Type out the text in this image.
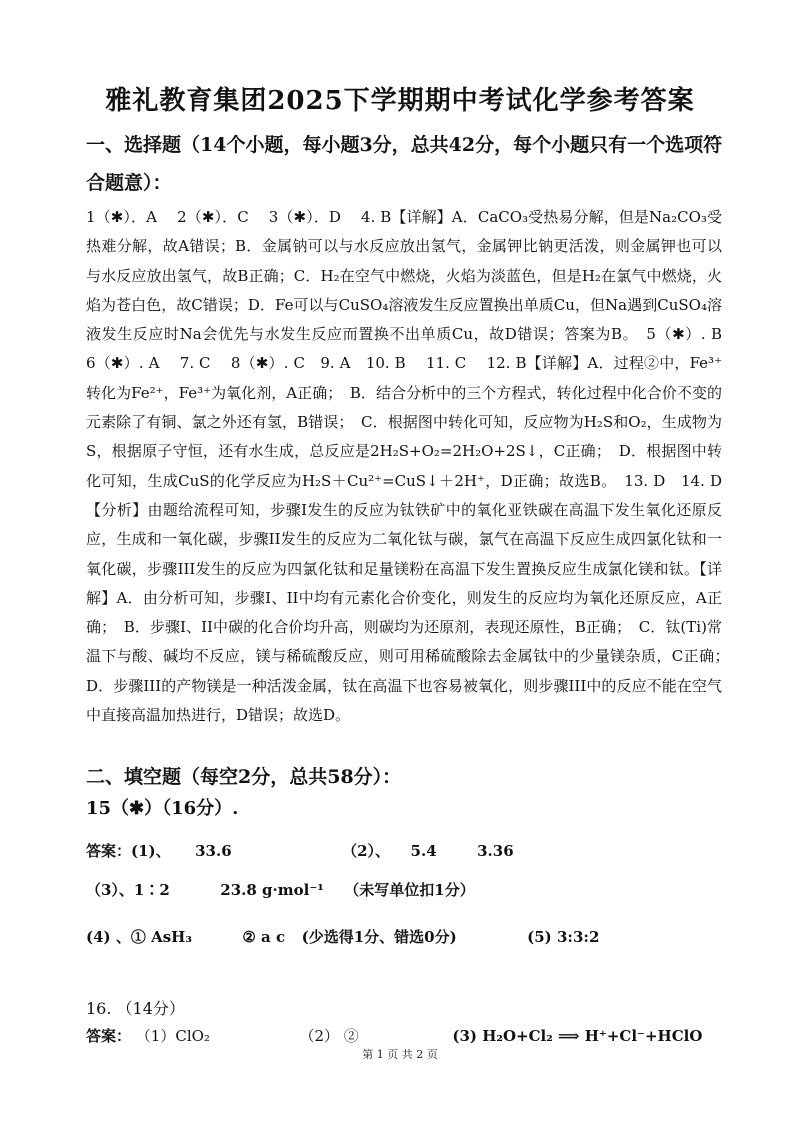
雅礼教育集团2025下学期期中考试化学参考答案
一、选择题（14个小题，每小题3分，总共42分，每个小题只有一个选项符合题意）：
1（✱）．A　 2（✱）．C　 3（✱）．D　 4. B【详解】A．CaCO₃受热易分解，但是Na₂CO₃受热难分解，故A错误；B．金属钠可以与水反应放出氢气，金属钾比钠更活泼，则金属钾也可以与水反应放出氢气，故B正确；C．H₂在空气中燃烧，火焰为淡蓝色，但是H₂在氯气中燃烧，火焰为苍白色，故C错误；D．Fe可以与CuSO₄溶液发生反应置换出单质Cu，但Na遇到CuSO₄溶液发生反应时Na会优先与水发生反应而置换不出单质Cu，故D错误；答案为B。　5（✱）. B　 6（✱）. A　 7. C　 8（✱）. C　9. A　10. B　 11. C　 12. B【详解】A．过程②中，Fe³⁺转化为Fe²⁺，Fe³⁺为氧化剂，A正确；　B．结合分析中的三个方程式，转化过程中化合价不变的元素除了有铜、氯之外还有氢，B错误；　C．根据图中转化可知，反应物为H₂S和O₂，生成物为S，根据原子守恒，还有水生成，总反应是2H₂S+O₂=2H₂O+2S↓，C正确；　D．根据图中转化可知，生成CuS的化学反应为H₂S＋Cu²⁺=CuS↓＋2H⁺，D正确；故选B。　13. D　14. D【分析】由题给流程可知，步骤I发生的反应为钛铁矿中的氧化亚铁碳在高温下发生氧化还原反应，生成和一氧化碳，步骤II发生的反应为二氧化钛与碳，氯气在高温下反应生成四氯化钛和一氧化碳，步骤III发生的反应为四氯化钛和足量镁粉在高温下发生置换反应生成氯化镁和钛。【详解】A．由分析可知，步骤I、II中均有元素化合价变化，则发生的反应均为氧化还原反应，A正确；　B．步骤I、II中碳的化合价均升高，则碳均为还原剂，表现还原性，B正确；　C．钛(Ti)常温下与酸、碱均不反应，镁与稀硫酸反应，则可用稀硫酸除去金属钛中的少量镁杂质，C正确；　D．步骤III的产物镁是一种活泼金属，钛在高温下也容易被氧化，则步骤III中的反应不能在空气中直接高温加热进行，D错误；故选D。
二、填空题（每空2分，总共58分）：
15（✱）（16分）.
答案：(1)、 33.6	（2）、 5.4	3.36
（3）、1∶2	23.8 g·mol⁻¹ （未写单位扣1分）
(4) 、① AsH₃	② a c (少选得1分、错选0分)	(5) 3:3:2
16. （14分）
答案： （1）ClO₂	（2） ②	(3) H₂O+Cl₂ ⟹ H⁺+Cl⁻+HClO
第 1 页 共 2 页
